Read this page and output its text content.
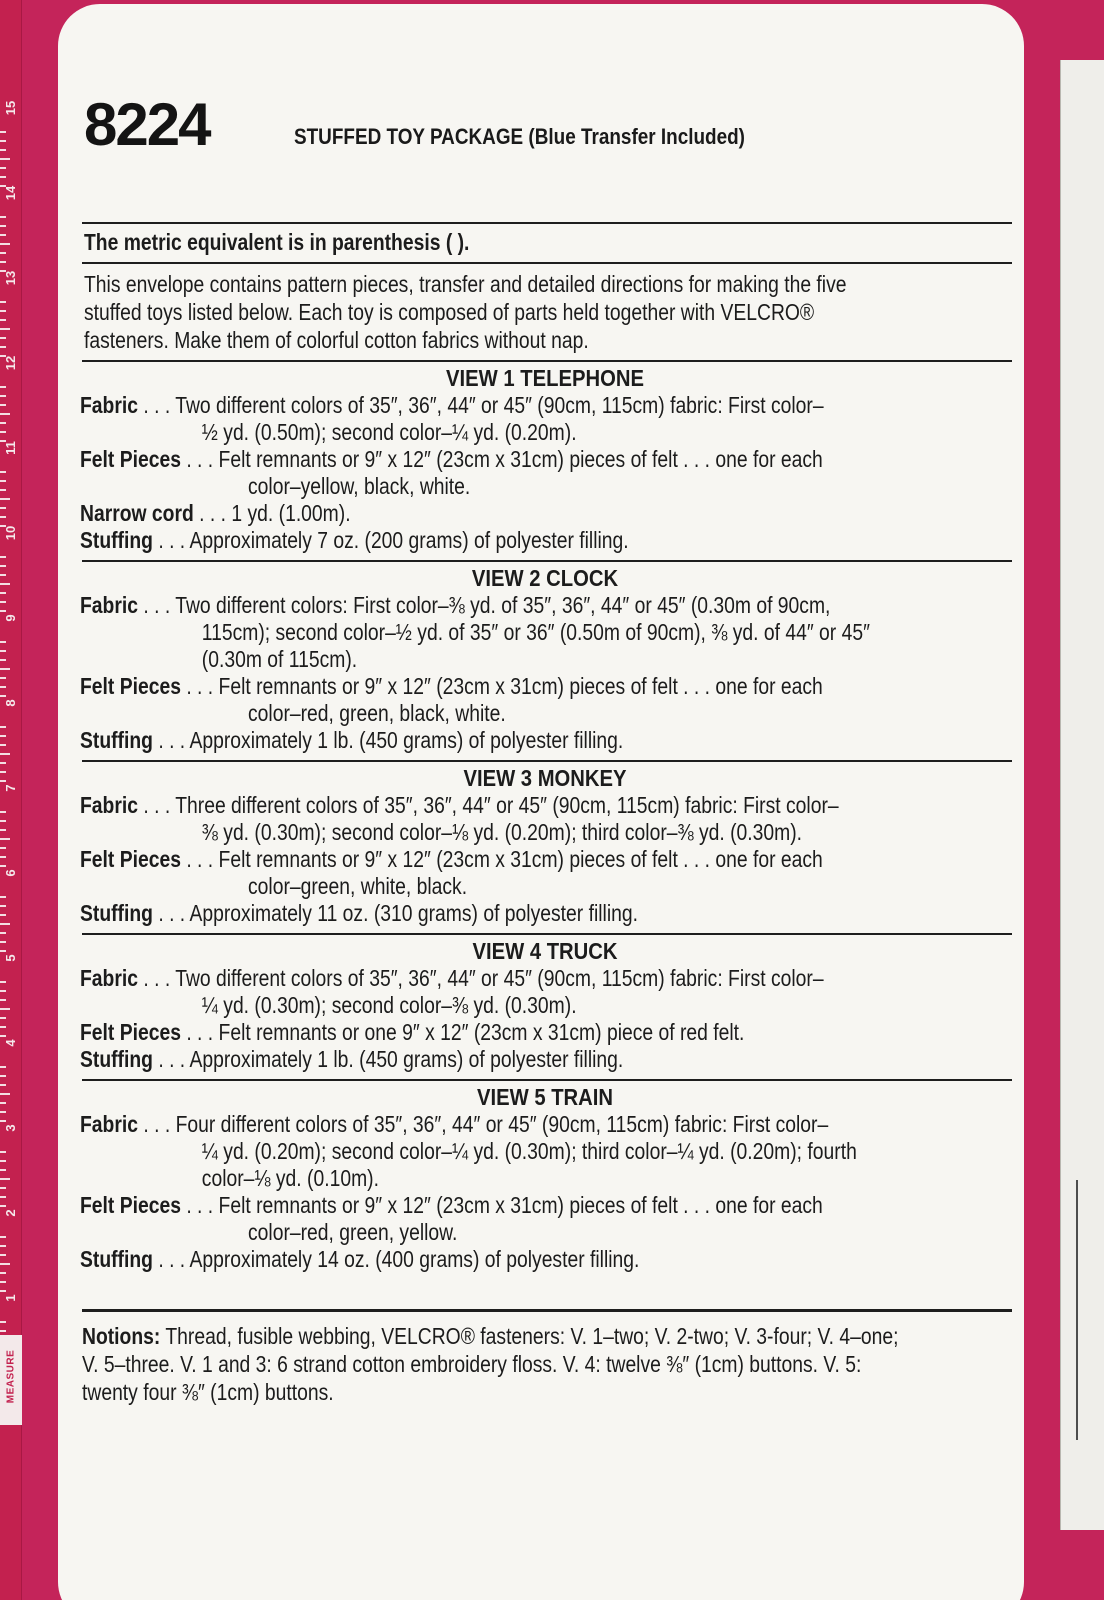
15
14
13
12
11
10
9
8
7
6
5
4
3
2
1
MEASURE
8224	STUFFED TOY PACKAGE (Blue Transfer Included)
The metric equivalent is in parenthesis ( ).
This envelope contains pattern pieces, transfer and detailed directions for making the five
stuffed toys listed below. Each toy is composed of parts held together with VELCRO®
fasteners. Make them of colorful cotton fabrics without nap.
VIEW 1 TELEPHONE
Fabric . . . Two different colors of 35″, 36″, 44″ or 45″ (90cm, 115cm) fabric: First color–
½ yd. (0.50m); second color–¼ yd. (0.20m).
Felt Pieces . . . Felt remnants or 9″ x 12″ (23cm x 31cm) pieces of felt . . . one for each
color–yellow, black, white.
Narrow cord . . . 1 yd. (1.00m).
Stuffing . . . Approximately 7 oz. (200 grams) of polyester filling.
VIEW 2 CLOCK
Fabric . . . Two different colors: First color–⅜ yd. of 35″, 36″, 44″ or 45″ (0.30m of 90cm,
115cm); second color–½ yd. of 35″ or 36″ (0.50m of 90cm), ⅜ yd. of 44″ or 45″
(0.30m of 115cm).
Felt Pieces . . . Felt remnants or 9″ x 12″ (23cm x 31cm) pieces of felt . . . one for each
color–red, green, black, white.
Stuffing . . . Approximately 1 lb. (450 grams) of polyester filling.
VIEW 3 MONKEY
Fabric . . . Three different colors of 35″, 36″, 44″ or 45″ (90cm, 115cm) fabric: First color–
⅜ yd. (0.30m); second color–⅛ yd. (0.20m); third color–⅜ yd. (0.30m).
Felt Pieces . . . Felt remnants or 9″ x 12″ (23cm x 31cm) pieces of felt . . . one for each
color–green, white, black.
Stuffing . . . Approximately 11 oz. (310 grams) of polyester filling.
VIEW 4 TRUCK
Fabric . . . Two different colors of 35″, 36″, 44″ or 45″ (90cm, 115cm) fabric: First color–
¼ yd. (0.30m); second color–⅜ yd. (0.30m).
Felt Pieces . . . Felt remnants or one 9″ x 12″ (23cm x 31cm) piece of red felt.
Stuffing . . . Approximately 1 lb. (450 grams) of polyester filling.
VIEW 5 TRAIN
Fabric . . . Four different colors of 35″, 36″, 44″ or 45″ (90cm, 115cm) fabric: First color–
¼ yd. (0.20m); second color–¼ yd. (0.30m); third color–¼ yd. (0.20m); fourth
color–⅛ yd. (0.10m).
Felt Pieces . . . Felt remnants or 9″ x 12″ (23cm x 31cm) pieces of felt . . . one for each
color–red, green, yellow.
Stuffing . . . Approximately 14 oz. (400 grams) of polyester filling.
Notions: Thread, fusible webbing, VELCRO® fasteners: V. 1–two; V. 2-two; V. 3-four; V. 4–one;
V. 5–three. V. 1 and 3: 6 strand cotton embroidery floss. V. 4: twelve ⅜″ (1cm) buttons. V. 5:
twenty four ⅜″ (1cm) buttons.
